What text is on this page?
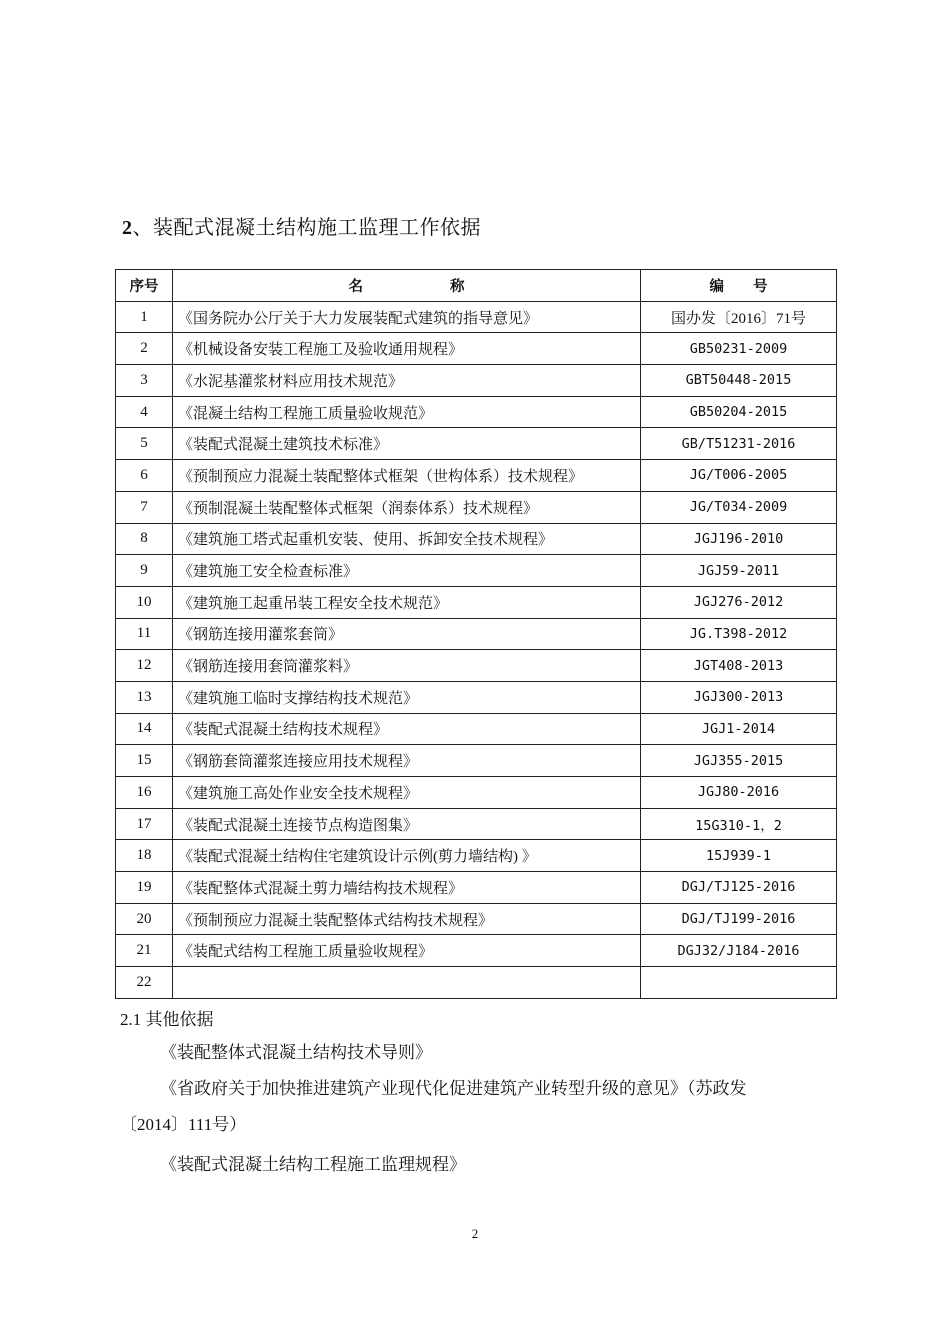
2、装配式混凝土结构施工监理工作依据
序号	名　　　　　　称	编　　号
1	《国务院办公厅关于大力发展装配式建筑的指导意见》	国办发〔2016〕71号
2	《机械设备安装工程施工及验收通用规程》	GB50231-2009
3	《水泥基灌浆材料应用技术规范》	GBT50448-2015
4	《混凝土结构工程施工质量验收规范》	GB50204-2015
5	《装配式混凝土建筑技术标准》	GB/T51231-2016
6	《预制预应力混凝土装配整体式框架（世构体系）技术规程》	JG/T006-2005
7	《预制混凝土装配整体式框架（润泰体系）技术规程》	JG/T034-2009
8	《建筑施工塔式起重机安装、使用、拆卸安全技术规程》	JGJ196-2010
9	《建筑施工安全检查标准》	JGJ59-2011
10	《建筑施工起重吊装工程安全技术规范》	JGJ276-2012
11	《钢筋连接用灌浆套筒》	JG.T398-2012
12	《钢筋连接用套筒灌浆料》	JGT408-2013
13	《建筑施工临时支撑结构技术规范》	JGJ300-2013
14	《装配式混凝土结构技术规程》	JGJ1-2014
15	《钢筋套筒灌浆连接应用技术规程》	JGJ355-2015
16	《建筑施工高处作业安全技术规程》	JGJ80-2016
17	《装配式混凝土连接节点构造图集》	15G310-1，2
18	《装配式混凝土结构住宅建筑设计示例(剪力墙结构) 》	15J939-1
19	《装配整体式混凝土剪力墙结构技术规程》	DGJ/TJ125-2016
20	《预制预应力混凝土装配整体式结构技术规程》	DGJ/TJ199-2016
21	《装配式结构工程施工质量验收规程》	DGJ32/J184-2016
22		
2.1 其他依据
《装配整体式混凝土结构技术导则》
《省政府关于加快推进建筑产业现代化促进建筑产业转型升级的意见》（苏政发
〔2014〕111号）
《装配式混凝土结构工程施工监理规程》
2
